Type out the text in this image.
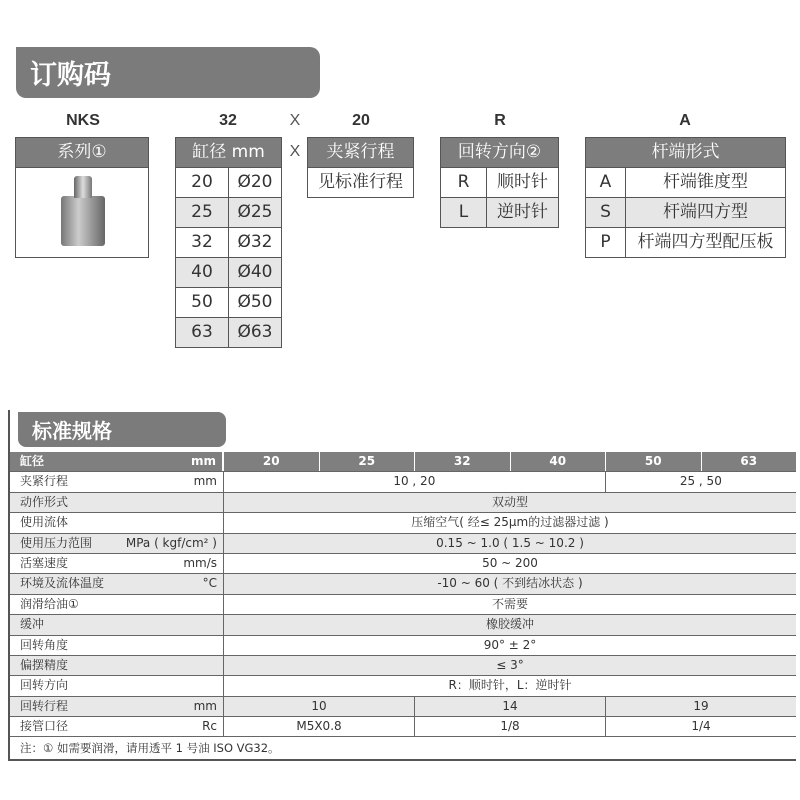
订购码
NKS	32	X	20	R	A
X
系列①	缸径 mm
20	Ø20
25	Ø25
32	Ø32
40	Ø40
50	Ø50
63	Ø63
夹紧行程
见标准行程
回转方向②
R	顺时针
L	逆时针
杆端形式
A	杆端锥度型
S	杆端四方型
P	杆端四方型配压板
标准规格
缸径	mm	20	25	32	40	50	63
夹紧行程	mm	10 , 20	25 , 50
动作形式	双动型
使用流体	压缩空气( 经≤ 25μm的过滤器过滤 )
使用压力范围	MPa ( kgf/cm² )	0.15 ~ 1.0 ( 1.5 ~ 10.2 )
活塞速度	mm/s	50 ~ 200
环境及流体温度	°C	-10 ~ 60 ( 不到结冰状态 )
润滑给油①	不需要
缓冲	橡胶缓冲
回转角度	90° ± 2°
偏摆精度	≤ 3°
回转方向	R：顺时针，L：逆时针
回转行程	mm	10	14	19
接管口径	Rc	M5X0.8	1/8	1/4
注：① 如需要润滑，请用透平 1 号油 ISO VG32。
